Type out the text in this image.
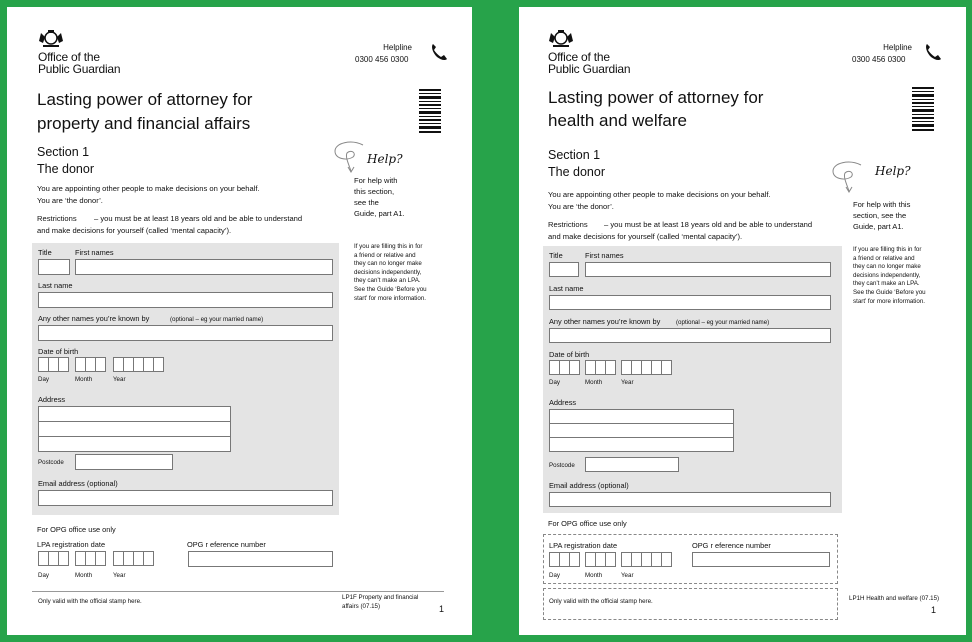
Office of the
Public Guardian
Helpline
0300 456 0300
Lasting power of attorney for
property and financial affairs
Section 1
The donor
You are appointing other people to make decisions on your behalf.
You are ‘the donor’.
Restrictions – you must be at least 18 years old and be able to understand
and make decisions for yourself (called ‘mental capacity’).
Help?
For help with
this section,
see the
Guide, part A1.
If you are filling this in for
a friend or relative and
they can no longer make
decisions independently,
they can’t make an LPA.
See the Guide ‘Before you
start’ for more information.
Title	First names
Last name
Any other names you’re known by	(optional – eg your married name)
Date of birth
Day	Month	Year
Address
Postcode
Email address (optional)
For OPG office use only
LPA registration date	OPG r eference number
Day	Month	Year
Only valid with the official stamp here.
LP1F Property and financial
affairs (07.15)	1
Office of the
Public Guardian
Helpline
0300 456 0300
Lasting power of attorney for
health and welfare
Section 1
The donor
You are appointing other people to make decisions on your behalf.
You are ‘the donor’.
Restrictions – you must be at least 18 years old and be able to understand
and make decisions for yourself (called ‘mental capacity’).
Help?
For help with this
section, see the
Guide, part A1.
If you are filling this in for
a friend or relative and
they can no longer make
decisions independently,
they can’t make an LPA.
See the Guide ‘Before you
start’ for more information.
Title	First names
Last name
Any other names you’re known by	(optional – eg your married name)
Date of birth
Day	Month	Year
Address
Postcode
Email address (optional)
For OPG office use only
LPA registration date	OPG r eference number
Day	Month	Year
Only valid with the official stamp here.	LP1H Health and welfare (07.15)
1
